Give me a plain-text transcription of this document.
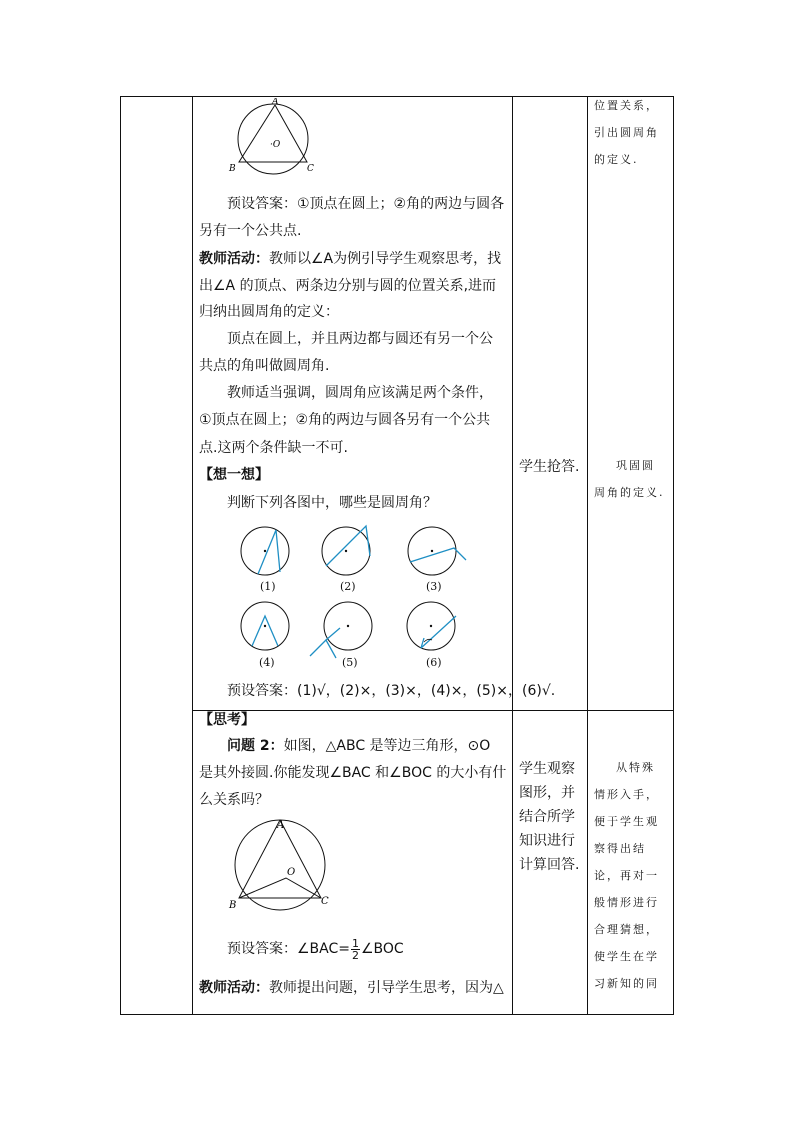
A
·O
B	C
预设答案：①顶点在圆上；②角的两边与圆各
另有一个公共点.
教师活动：教师以∠A为例引导学生观察思考，找
出∠A 的顶点、两条边分别与圆的位置关系,进而
归纳出圆周角的定义：
顶点在圆上，并且两边都与圆还有另一个公
共点的角叫做圆周角.
教师适当强调，圆周角应该满足两个条件，
①顶点在圆上；②角的两边与圆各另有一个公共
点.这两个条件缺一不可.
【想一想】
判断下列各图中，哪些是圆周角？
(1)	(2)	(3)
(4)	(5)	(6)
预设答案：(1)√，(2)×，(3)×，(4)×，(5)×，(6)√.
学生抢答.
位置关系，引出圆周角的定义.
巩固圆周角的定义.
【思考】
问题 2：如图，△ABC 是等边三角形，⊙O
是其外接圆.你能发现∠BAC 和∠BOC 的大小有什
么关系吗？
A
O
B	C
预设答案：∠BAC= $\frac{1}{2}$ ∠BOC
教师活动：教师提出问题，引导学生思考，因为△
学生观察图形，并结合所学知识进行计算回答.
从特殊情形入手，便于学生观察得出结论，再对一般情形进行合理猜想，使学生在学习新知的同
